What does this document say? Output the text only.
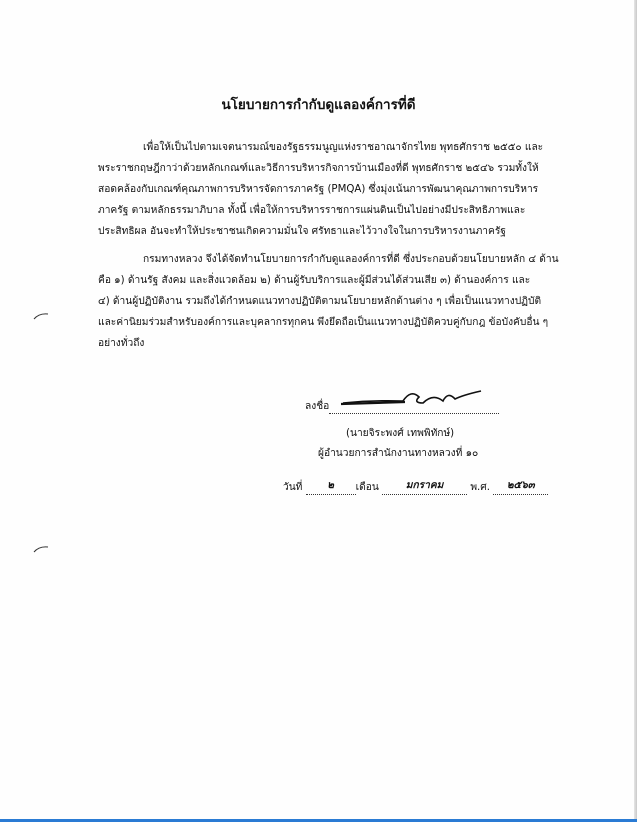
นโยบายการกำกับดูแลองค์การที่ดี
เพื่อให้เป็นไปตามเจตนารมณ์ของรัฐธรรมนูญแห่งราชอาณาจักรไทย พุทธศักราช ๒๕๕๐ และ
พระราชกฤษฎีกาว่าด้วยหลักเกณฑ์และวิธีการบริหารกิจการบ้านเมืองที่ดี พุทธศักราช ๒๕๔๖ รวมทั้งให้
สอดคล้องกับเกณฑ์คุณภาพการบริหารจัดการภาครัฐ (PMQA) ซึ่งมุ่งเน้นการพัฒนาคุณภาพการบริหาร
ภาครัฐ ตามหลักธรรมาภิบาล ทั้งนี้ เพื่อให้การบริหารราชการแผ่นดินเป็นไปอย่างมีประสิทธิภาพและ
ประสิทธิผล อันจะทำให้ประชาชนเกิดความมั่นใจ ศรัทธาและไว้วางใจในการบริหารงานภาครัฐ
กรมทางหลวง จึงได้จัดทำนโยบายการกำกับดูแลองค์การที่ดี ซึ่งประกอบด้วยนโยบายหลัก ๔ ด้าน
คือ ๑) ด้านรัฐ สังคม และสิ่งแวดล้อม ๒) ด้านผู้รับบริการและผู้มีส่วนได้ส่วนเสีย ๓) ด้านองค์การ และ
๔) ด้านผู้ปฏิบัติงาน รวมถึงได้กำหนดแนวทางปฏิบัติตามนโยบายหลักด้านต่าง ๆ เพื่อเป็นแนวทางปฏิบัติ
และค่านิยมร่วมสำหรับองค์การและบุคลากรทุกคน พึงยึดถือเป็นแนวทางปฏิบัติควบคู่กับกฎ ข้อบังคับอื่น ๆ
อย่างทั่วถึง
ลงชื่อ
(นายจิระพงศ์ เทพพิทักษ์)
ผู้อำนวยการสำนักงานทางหลวงที่ ๑๐
วันที่ ๒ เดือน	มกราคม	พ.ศ. ๒๕๖๓
